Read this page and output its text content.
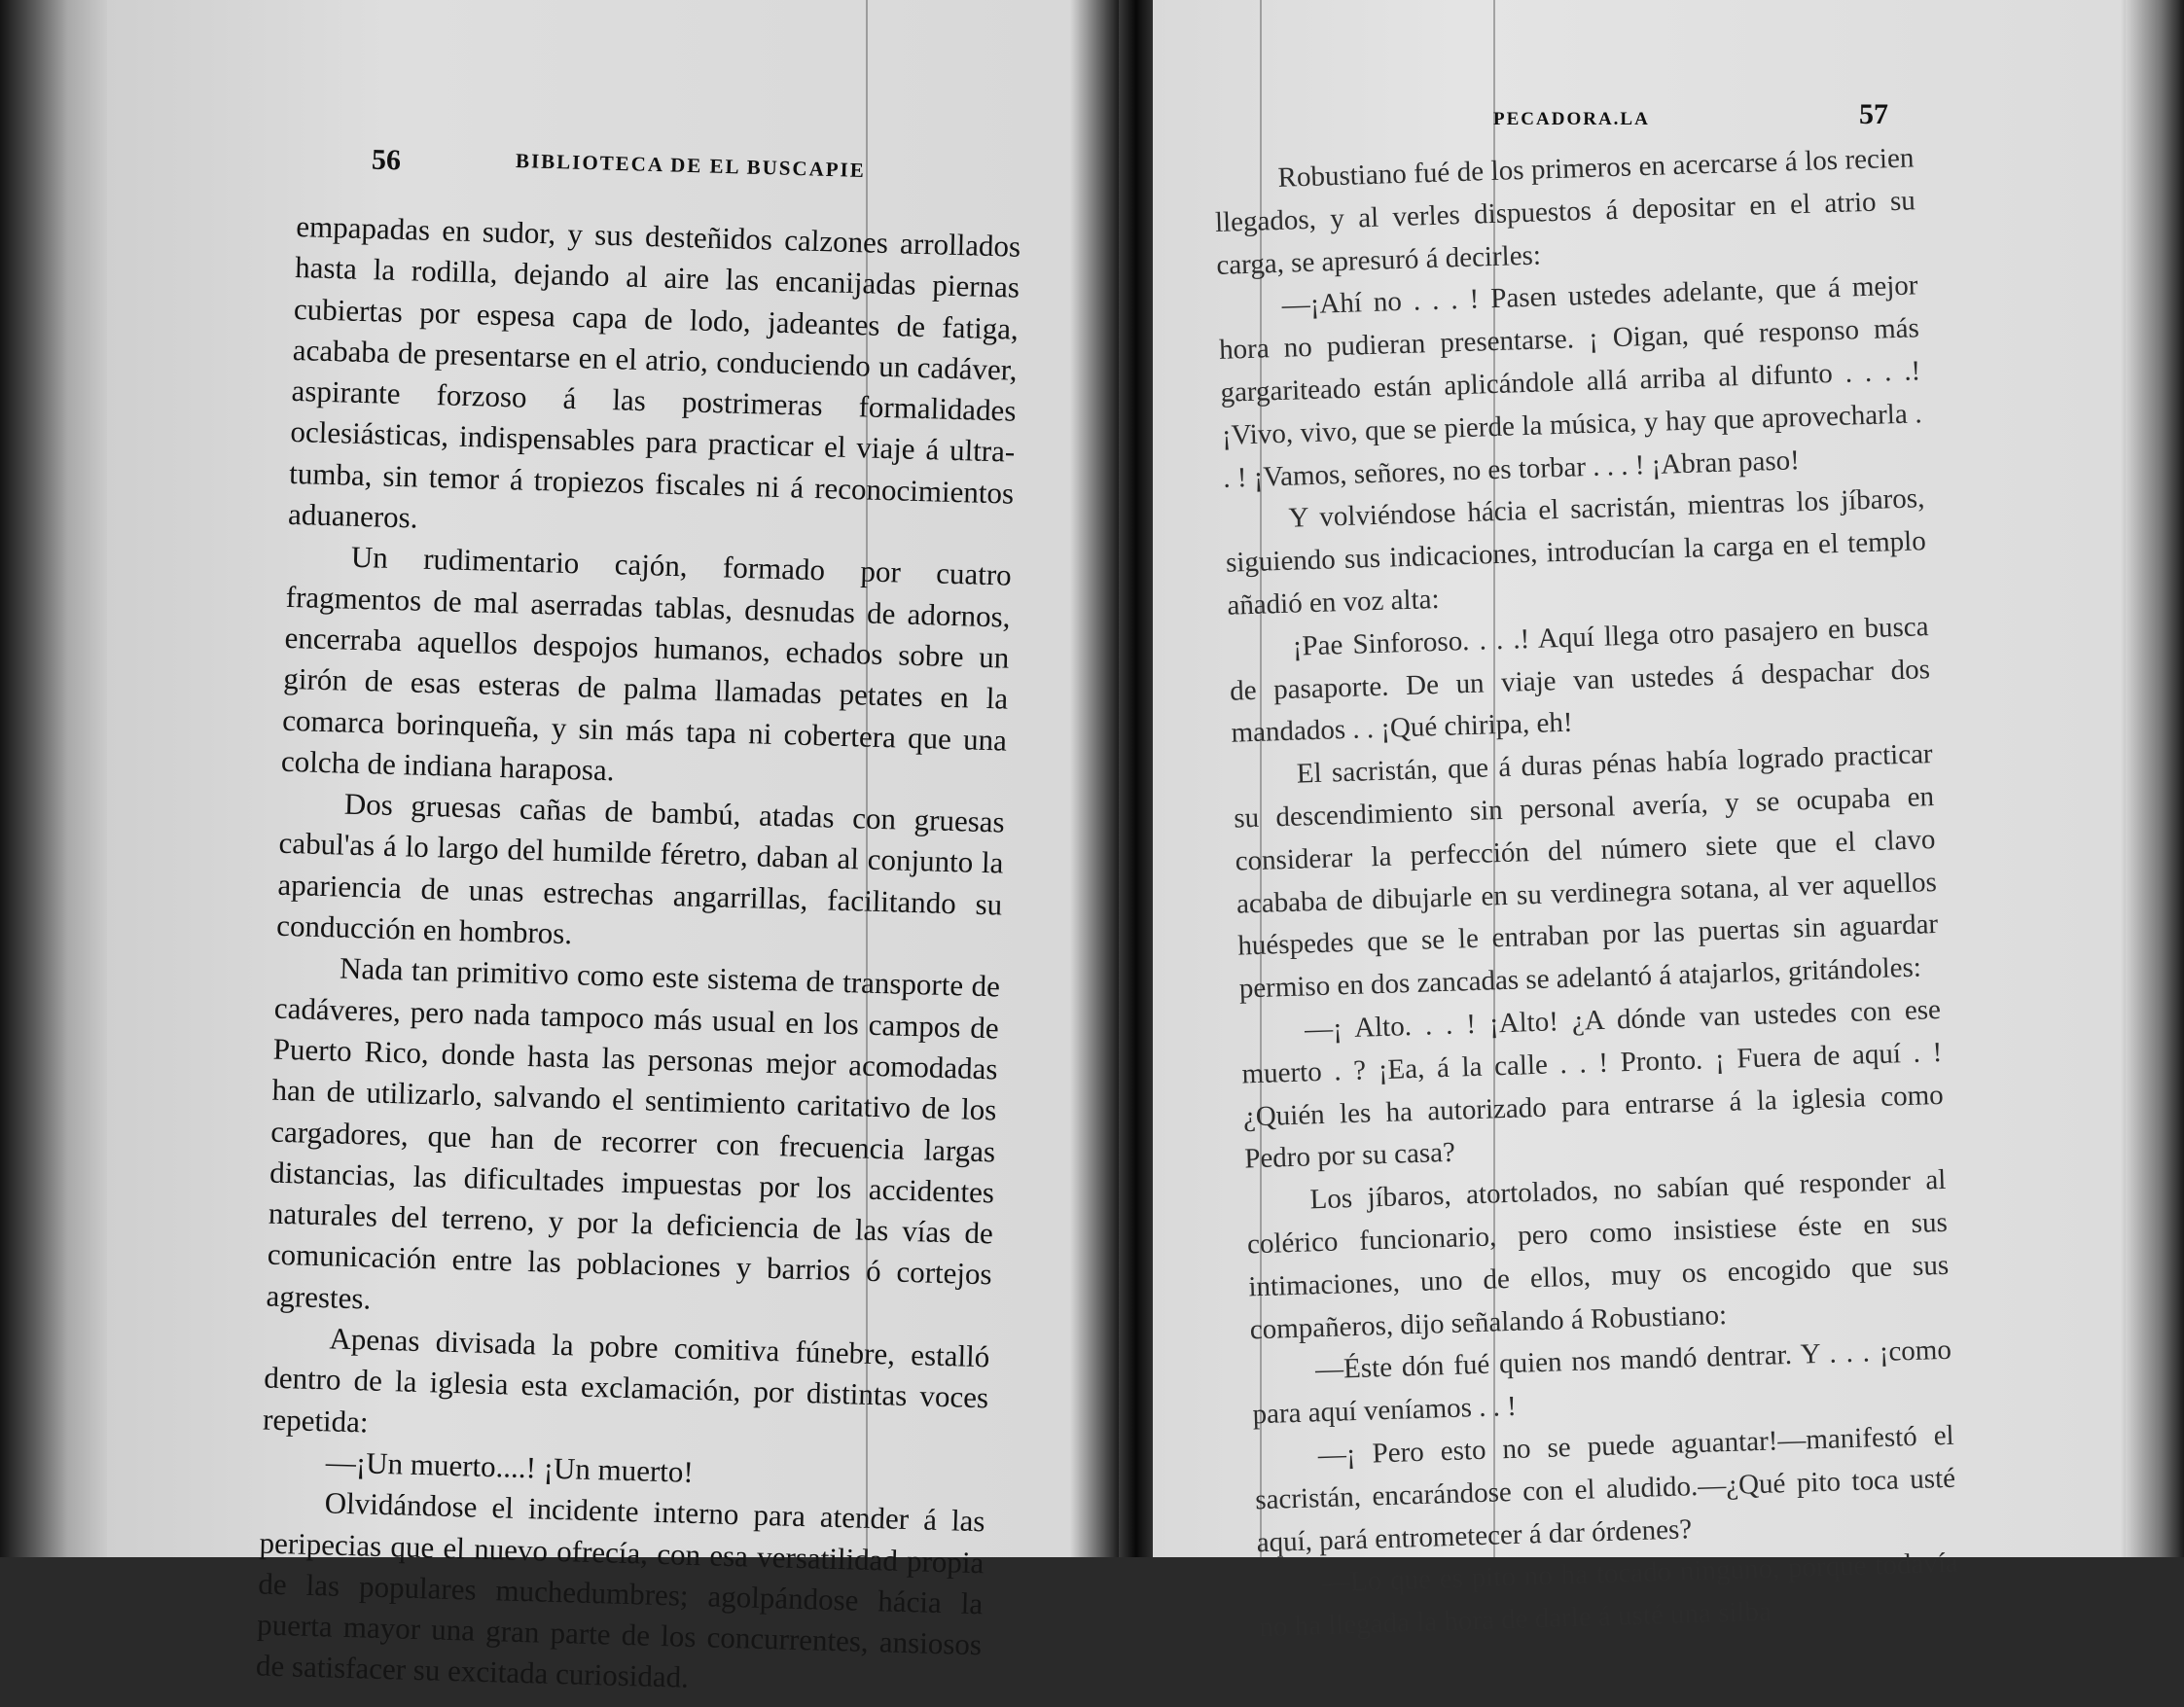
56	BIBLIOTECA DE EL BUSCAPIE

empapadas en sudor, y sus desteñidos calzones arrollados hasta la rodilla, dejando al aire las encanijadas piernas cubiertas por espesa capa de lodo, jadeantes de fatiga, acababa de presentarse en el atrio, conduciendo un cadáver, aspirante forzoso á las postrimeras formalidades oclesiásticas, indispensables para practicar el viaje á ultra-tumba, sin temor á tropiezos fiscales ni á reconocimientos aduaneros.

Un rudimentario cajón, formado por cuatro fragmentos de mal aserradas tablas, desnudas de adornos, encerraba aquellos despojos humanos, echados sobre un girón de esas esteras de palma llamadas petates en la comarca borinqueña, y sin más tapa ni cobertera que una colcha de indiana haraposa.

Dos gruesas cañas de bambú, atadas con gruesas cabul'as á lo largo del humilde féretro, daban al conjunto la apariencia de unas estrechas angarrillas, facilitando su conducción en hombros.

Nada tan primitivo como este sistema de transporte de cadáveres, pero nada tampoco más usual en los campos de Puerto Rico, donde hasta las personas mejor acomodadas han de utilizarlo, salvando el sentimiento caritativo de los cargadores, que han de recorrer con frecuencia largas distancias, las dificultades impuestas por los accidentes naturales del terreno, y por la deficiencia de las vías de comunicación entre las poblaciones y barrios ó cortejos agrestes.

Apenas divisada la pobre comitiva fúnebre, estalló dentro de la iglesia esta exclamación, por distintas voces repetida:

—¡Un muerto....! ¡Un muerto!

Olvidándose el incidente interno para atender á las peripecias que el nuevo ofrecía, con esa versatilidad propia de las populares muchedumbres; agolpándose hácia la puerta mayor una gran parte de los concurrentes, ansiosos de satisfacer su excitada curiosidad.

PECADORA.LA	57

Robustiano fué de los primeros en acercarse á los recien llegados, y al verles dispuestos á depositar en el atrio su carga, se apresuró á decirles:

—¡Ahí no . . . ! Pasen ustedes adelante, que á mejor hora no pudieran presentarse. ¡ Oigan, qué responso más gargariteado están aplicándole allá arriba al difunto . . . .! ¡Vivo, vivo, que se pierde la música, y hay que aprovecharla . . ! ¡Vamos, señores, no es torbar . . . ! ¡Abran paso!

Y volviéndose hácia el sacristán, mientras los jíbaros, siguiendo sus indicaciones, introducían la carga en el templo añadió en voz alta:

¡Pae Sinforoso. . . .! Aquí llega otro pasajero en busca de pasaporte. De un viaje van ustedes á despachar dos mandados . . ¡Qué chiripa, eh!

El sacristán, que á duras pénas había logrado practicar su descendimiento sin personal avería, y se ocupaba en considerar la perfección del número siete que el clavo acababa de dibujarle en su verdinegra sotana, al ver aquellos huéspedes que se le entraban por las puertas sin aguardar permiso en dos zancadas se adelantó á atajarlos, gritándoles:

—¡ Alto. . . ! ¡Alto! ¿A dónde van ustedes con ese muerto . ? ¡Ea, á la calle . . ! Pronto. ¡ Fuera de aquí . ! ¿Quién les ha autorizado para entrarse á la iglesia como Pedro por su casa?

Los jíbaros, atortolados, no sabían qué responder al colérico funcionario, pero como insistiese éste en sus intimaciones, uno de ellos, muy os encogido que sus compañeros, dijo señalando á Robustiano:

—Éste dón fué quien nos mandó dentrar. Y . . . ¡como para aquí veníamos . . !

—¡ Pero esto no se puede aguantar!—manifestó el sacristán, encarándose con el aludido.—¿Qué pito toca usté aquí, pará entrometecer á dar órdenes?

—Lo que es pito no ha tocado ninguno, porque todavía no ha llegada la hora de darle á usté una silba
